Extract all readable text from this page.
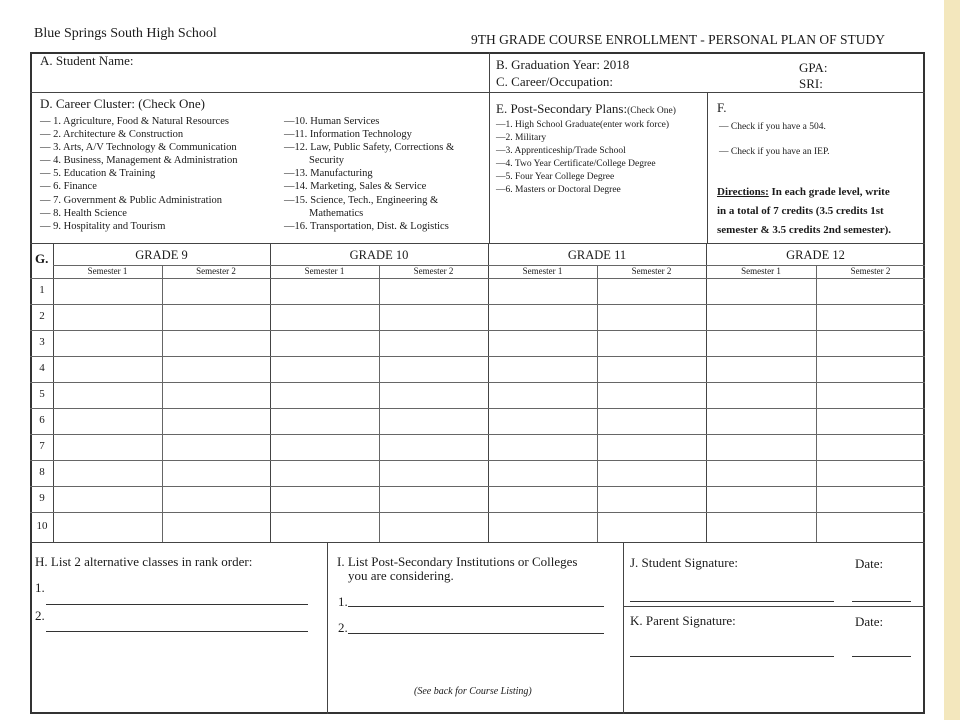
Blue Springs South High School	9TH GRADE COURSE ENROLLMENT - PERSONAL PLAN OF STUDY
A. Student Name:	B. Graduation Year: 2018
C. Career/Occupation:
GPA:
SRI:
D. Career Cluster: (Check One)
— 1. Agriculture, Food & Natural Resources
— 2. Architecture & Construction
— 3. Arts, A/V Technology & Communication
— 4. Business, Management & Administration
— 5. Education & Training
— 6. Finance
— 7. Government & Public Administration
— 8. Health Science
— 9. Hospitality and Tourism
—10. Human Services
—11. Information Technology
—12. Law, Public Safety, Corrections &
Security
—13. Manufacturing
—14. Marketing, Sales & Service
—15. Science, Tech., Engineering &
Mathematics
—16. Transportation, Dist. & Logistics
E. Post-Secondary Plans:(Check One)
—1. High School Graduate(enter work force)
—2. Military
—3. Apprenticeship/Trade School
—4. Two Year Certificate/College Degree
—5. Four Year College Degree
—6. Masters or Doctoral Degree
F.
— Check if you have a 504.
— Check if you have an IEP.
Directions: In each grade level, write
in a total of 7 credits (3.5 credits 1st
semester & 3.5 credits 2nd semester).
GRADE 9
Semester 1	Semester 2
GRADE 10
Semester 1	Semester 2
GRADE 11
Semester 1	Semester 2
GRADE 12
Semester 1	Semester 2
1
2
3
4
5
6
7
8
9
10
G.
H. List 2 alternative classes in rank order:
1.
2.
I. List Post-Secondary Institutions or Colleges
you are considering.
1.
2.
(See back for Course Listing)
J. Student Signature:	Date:
K. Parent Signature:	Date:
